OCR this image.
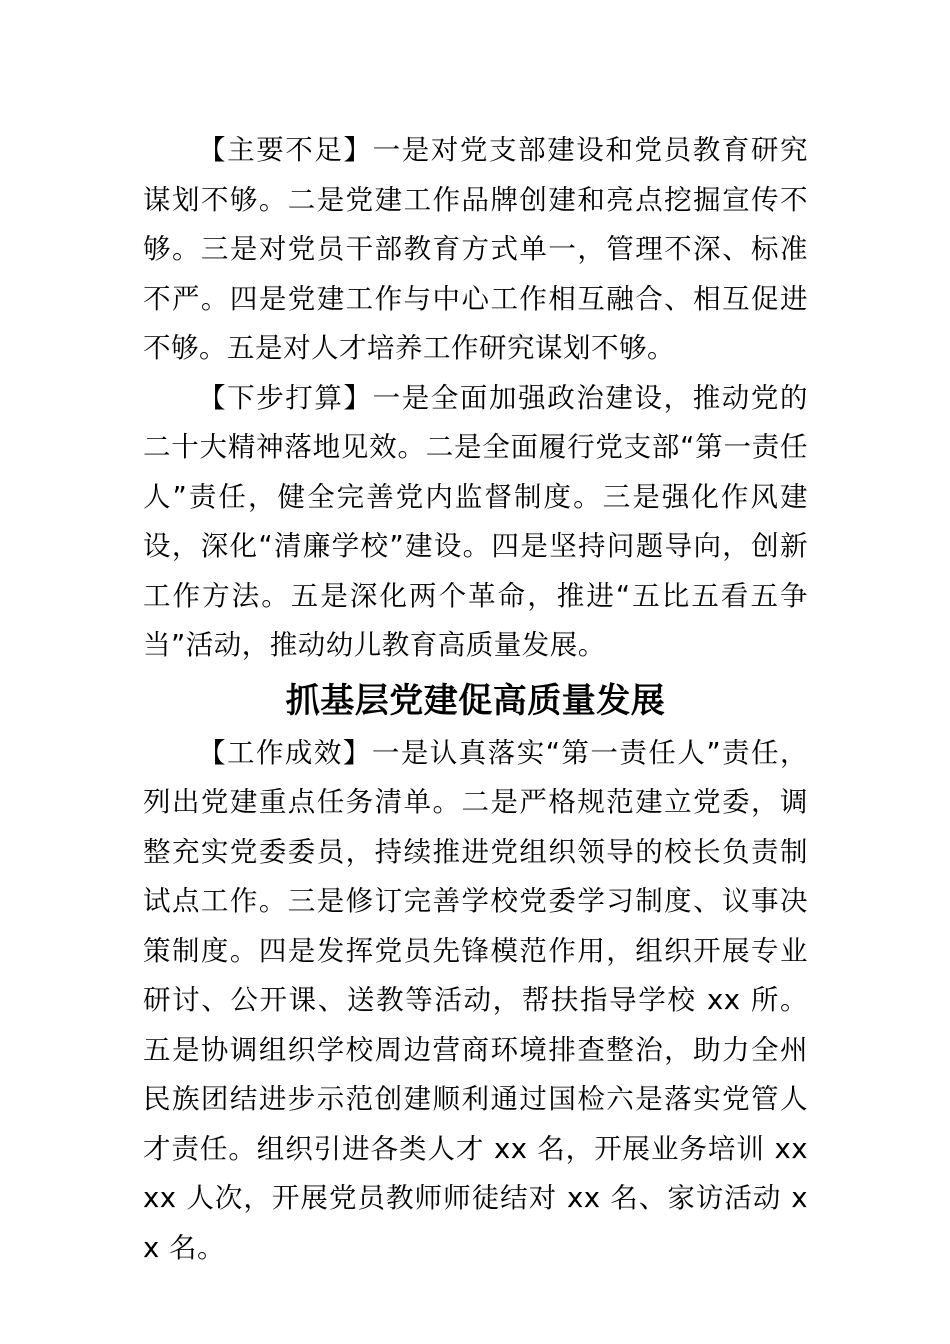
【主要不足】一是对党支部建设和党员教育研究谋划不够。二是党建工作品牌创建和亮点挖掘宣传不够。三是对党员干部教育方式单一，管理不深、标准不严。四是党建工作与中心工作相互融合、相互促进不够。五是对人才培养工作研究谋划不够。

【下步打算】一是全面加强政治建设，推动党的二十大精神落地见效。二是全面履行党支部“第一责任人”责任，健全完善党内监督制度。三是强化作风建设，深化“清廉学校”建设。四是坚持问题导向，创新工作方法。五是深化两个革命，推进“五比五看五争当”活动，推动幼儿教育高质量发展。

抓基层党建促高质量发展

【工作成效】一是认真落实“第一责任人”责任，列出党建重点任务清单。二是严格规范建立党委，调整充实党委委员，持续推进党组织领导的校长负责制试点工作。三是修订完善学校党委学习制度、议事决策制度。四是发挥党员先锋模范作用，组织开展专业研讨、公开课、送教等活动，帮扶指导学校 xx 所。五是协调组织学校周边营商环境排查整治，助力全州民族团结进步示范创建顺利通过国检六是落实党管人才责任。组织引进各类人才 xx 名，开展业务培训 xxxx 人次，开展党员教师师徒结对 xx 名、家访活动 xx 名。
